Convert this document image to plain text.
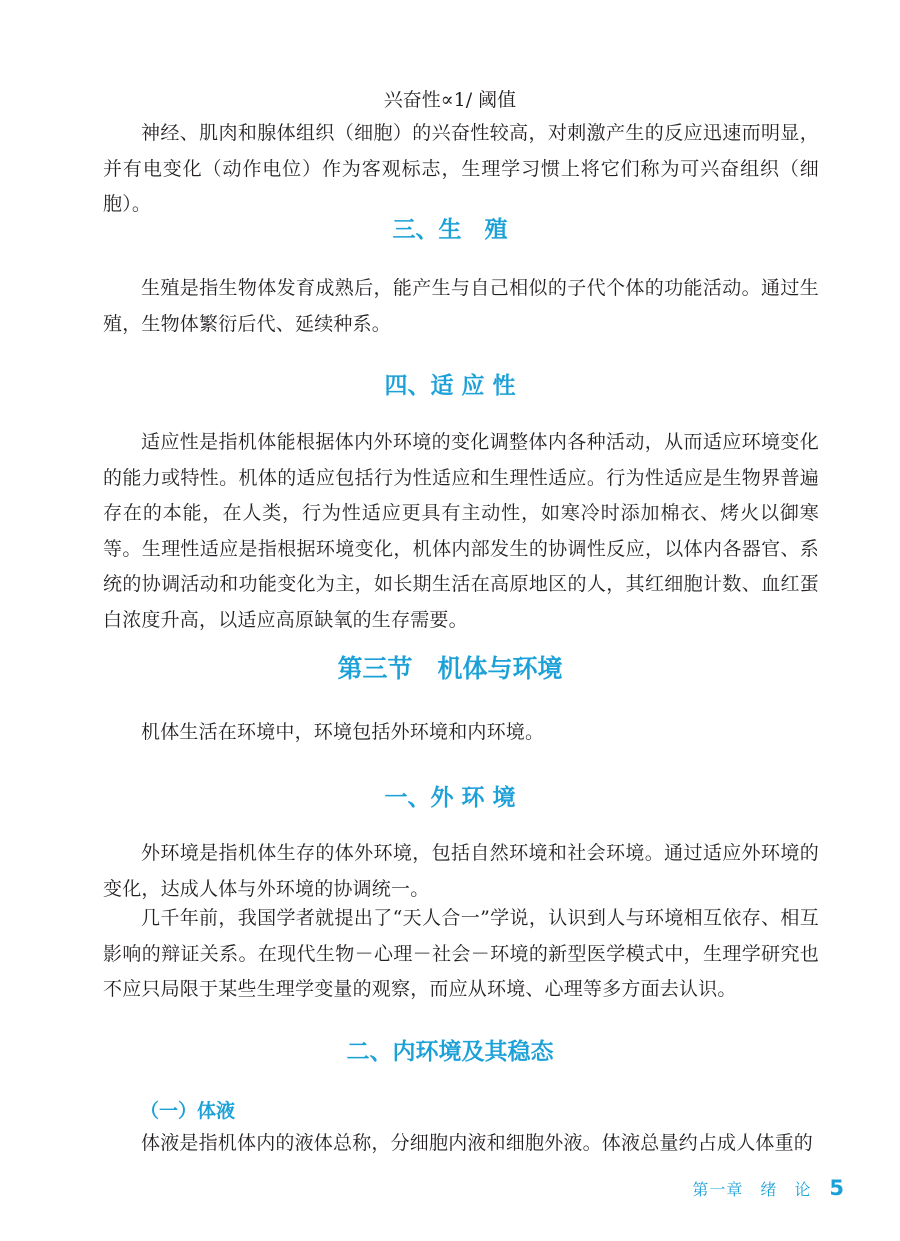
兴奋性∝1/ 阈值

神经、肌肉和腺体组织（细胞）的兴奋性较高，对刺激产生的反应迅速而明显，并有电变化（动作电位）作为客观标志，生理学习惯上将它们称为可兴奋组织（细胞）。

三、生　殖

生殖是指生物体发育成熟后，能产生与自己相似的子代个体的功能活动。通过生殖，生物体繁衍后代、延续种系。

四、适 应 性

适应性是指机体能根据体内外环境的变化调整体内各种活动，从而适应环境变化的能力或特性。机体的适应包括行为性适应和生理性适应。行为性适应是生物界普遍存在的本能，在人类，行为性适应更具有主动性，如寒冷时添加棉衣、烤火以御寒等。生理性适应是指根据环境变化，机体内部发生的协调性反应，以体内各器官、系统的协调活动和功能变化为主，如长期生活在高原地区的人，其红细胞计数、血红蛋白浓度升高，以适应高原缺氧的生存需要。

第三节　机体与环境

机体生活在环境中，环境包括外环境和内环境。

一、外 环 境

外环境是指机体生存的体外环境，包括自然环境和社会环境。通过适应外环境的变化，达成人体与外环境的协调统一。

几千年前，我国学者就提出了“天人合一”学说，认识到人与环境相互依存、相互影响的辩证关系。在现代生物－心理－社会－环境的新型医学模式中，生理学研究也不应只局限于某些生理学变量的观察，而应从环境、心理等多方面去认识。

二、内环境及其稳态
（一）体液

体液是指机体内的液体总称，分细胞内液和细胞外液。体液总量约占成人体重的

第一章　绪　论 5
